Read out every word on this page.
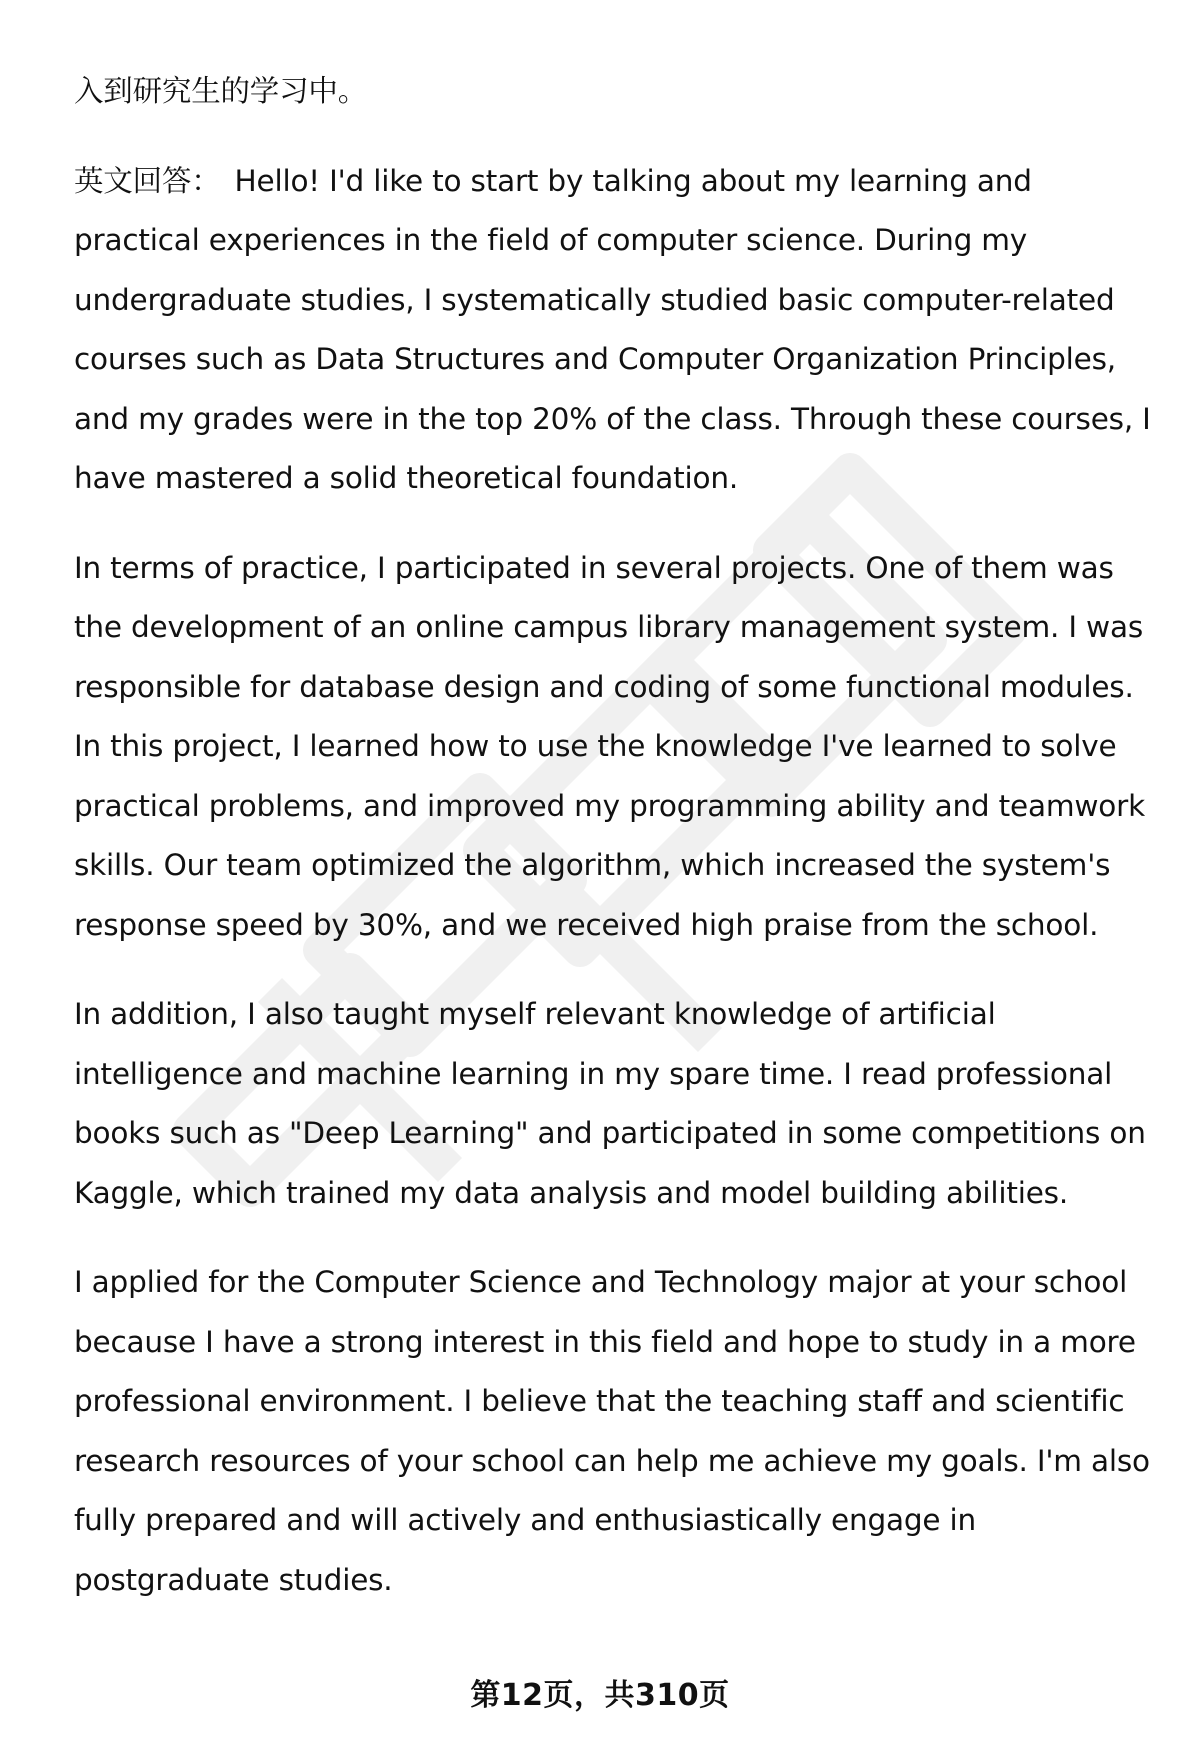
入到研究生的学习中。

英文回答： Hello! I'd like to start by talking about my learning and practical experiences in the field of computer science. During my undergraduate studies, I systematically studied basic computer-related courses such as Data Structures and Computer Organization Principles, and my grades were in the top 20% of the class. Through these courses, I have mastered a solid theoretical foundation.

In terms of practice, I participated in several projects. One of them was the development of an online campus library management system. I was responsible for database design and coding of some functional modules. In this project, I learned how to use the knowledge I've learned to solve practical problems, and improved my programming ability and teamwork skills. Our team optimized the algorithm, which increased the system's response speed by 30%, and we received high praise from the school.

In addition, I also taught myself relevant knowledge of artificial intelligence and machine learning in my spare time. I read professional books such as "Deep Learning" and participated in some competitions on Kaggle, which trained my data analysis and model building abilities.

I applied for the Computer Science and Technology major at your school because I have a strong interest in this field and hope to study in a more professional environment. I believe that the teaching staff and scientific research resources of your school can help me achieve my goals. I'm also fully prepared and will actively and enthusiastically engage in postgraduate studies.

第12页，共310页
